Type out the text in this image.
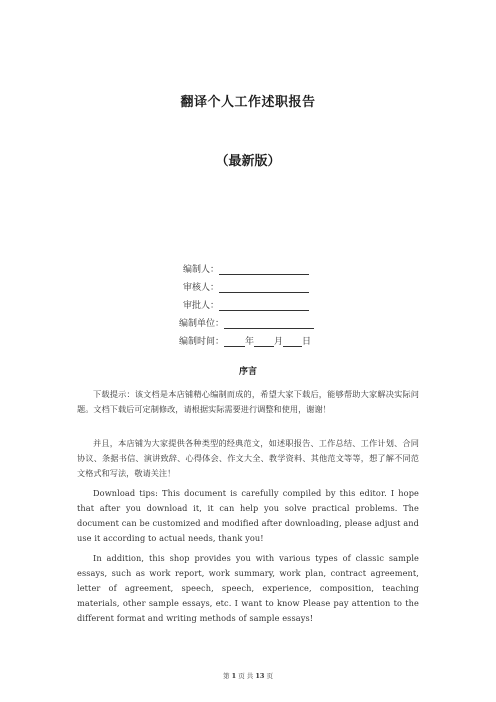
翻译个人工作述职报告
（最新版）
编制人：
审核人：
审批人：
编制单位：
编制时间： 年 月 日
序言
下载提示：该文档是本店铺精心编制而成的，希望大家下载后，能够帮助大家解决实际问题。文档下载后可定制修改，请根据实际需要进行调整和使用，谢谢！
并且，本店铺为大家提供各种类型的经典范文，如述职报告、工作总结、工作计划、合同协议、条据书信、演讲致辞、心得体会、作文大全、教学资料、其他范文等等，想了解不同范文格式和写法，敬请关注！
Download tips: This document is carefully compiled by this editor. I hope that after you download it, it can help you solve practical problems. The document can be customized and modified after downloading, please adjust and use it according to actual needs, thank you!
In addition, this shop provides you with various types of classic sample essays, such as work report, work summary, work plan, contract agreement, letter of agreement, speech, speech, experience, composition, teaching materials, other sample essays, etc. I want to know Please pay attention to the different format and writing methods of sample essays!
第 1 页 共 13 页
